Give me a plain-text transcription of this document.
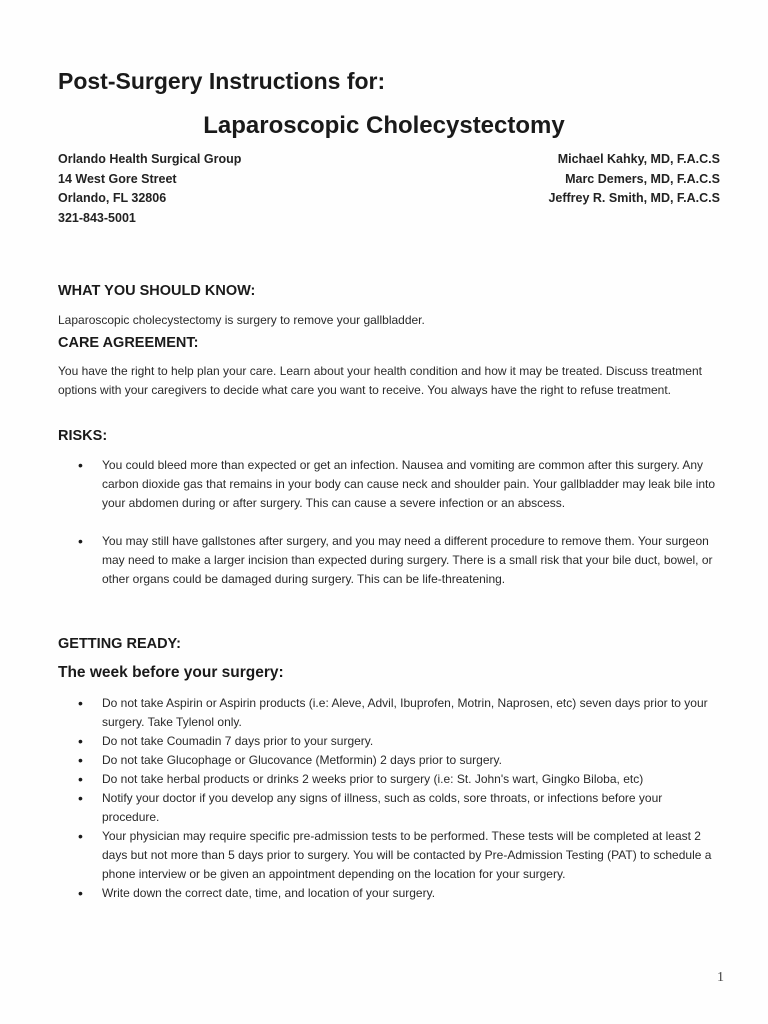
Post-Surgery Instructions for:
Laparoscopic Cholecystectomy
Orlando Health Surgical Group
14 West Gore Street
Orlando, FL 32806
321-843-5001
Michael Kahky, MD, F.A.C.S
Marc Demers, MD, F.A.C.S
Jeffrey R. Smith, MD, F.A.C.S
WHAT YOU SHOULD KNOW:
Laparoscopic cholecystectomy is surgery to remove your gallbladder.
CARE AGREEMENT:
You have the right to help plan your care. Learn about your health condition and how it may be treated. Discuss treatment options with your caregivers to decide what care you want to receive. You always have the right to refuse treatment.
RISKS:
• You could bleed more than expected or get an infection. Nausea and vomiting are common after this surgery. Any carbon dioxide gas that remains in your body can cause neck and shoulder pain. Your gallbladder may leak bile into your abdomen during or after surgery. This can cause a severe infection or an abscess.
• You may still have gallstones after surgery, and you may need a different procedure to remove them. Your surgeon may need to make a larger incision than expected during surgery. There is a small risk that your bile duct, bowel, or other organs could be damaged during surgery. This can be life-threatening.
GETTING READY:
The week before your surgery:
• Do not take Aspirin or Aspirin products (i.e: Aleve, Advil, Ibuprofen, Motrin, Naprosen, etc) seven days prior to your surgery. Take Tylenol only.
• Do not take Coumadin 7 days prior to your surgery.
• Do not take Glucophage or Glucovance (Metformin) 2 days prior to surgery.
• Do not take herbal products or drinks 2 weeks prior to surgery (i.e: St. John's wart, Gingko Biloba, etc)
• Notify your doctor if you develop any signs of illness, such as colds, sore throats, or infections before your procedure.
• Your physician may require specific pre-admission tests to be performed. These tests will be completed at least 2 days but not more than 5 days prior to surgery. You will be contacted by Pre-Admission Testing (PAT) to schedule a phone interview or be given an appointment depending on the location for your surgery.
• Write down the correct date, time, and location of your surgery.
1
